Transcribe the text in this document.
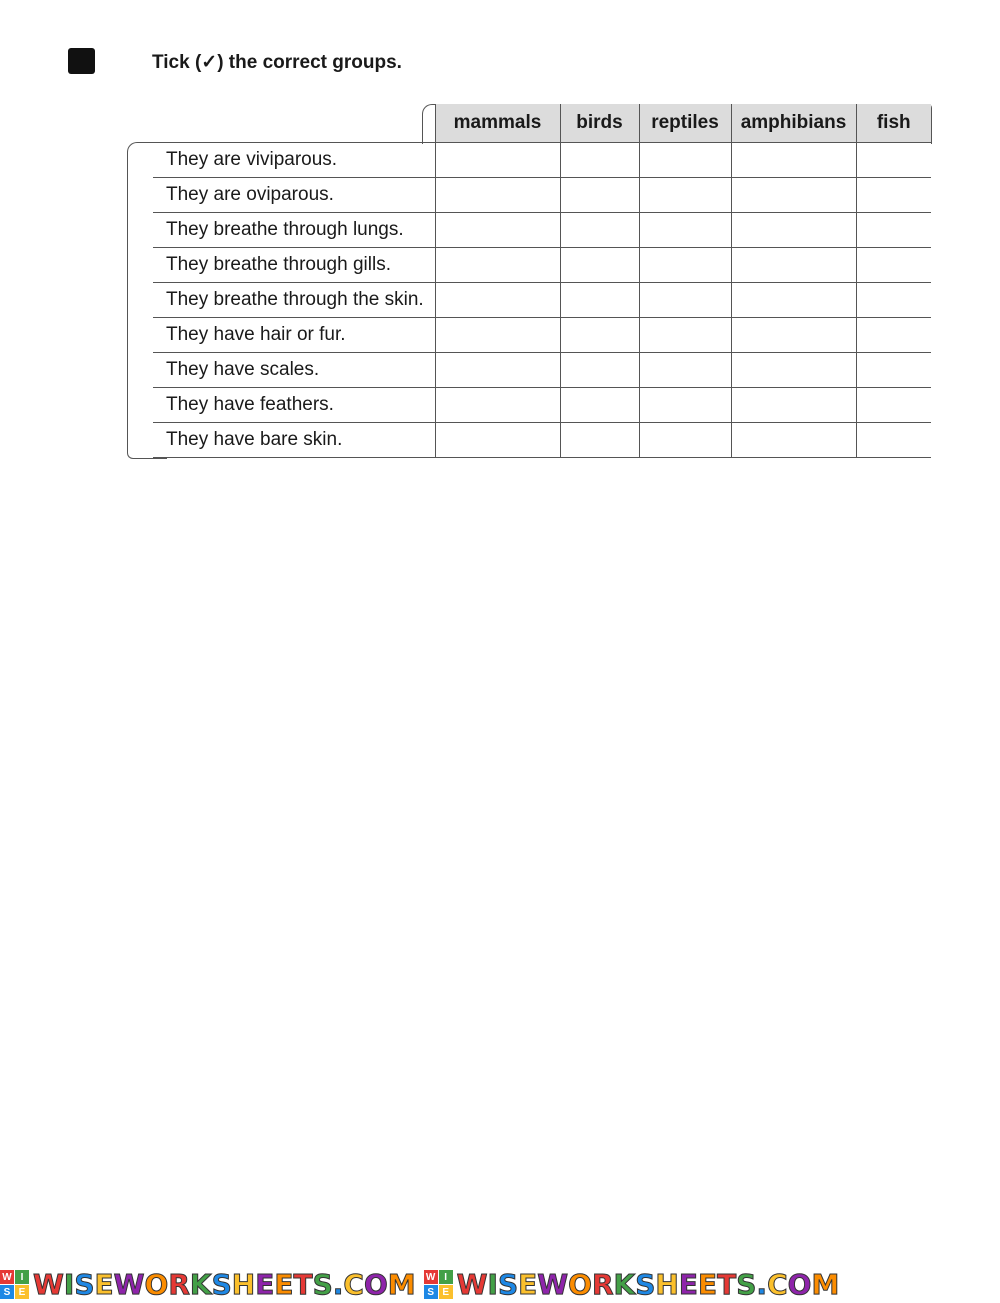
Tick (✓) the correct groups.
	mammals	birds	reptiles	amphibians	fish
They are viviparous.					
They are oviparous.					
They breathe through lungs.					
They breathe through gills.					
They breathe through the skin.					
They have hair or fur.					
They have scales.					
They have feathers.					
They have bare skin.					
W I
S E WISEWORKSHEETS.COM W I
S E WISEWORKSHEETS.COM
